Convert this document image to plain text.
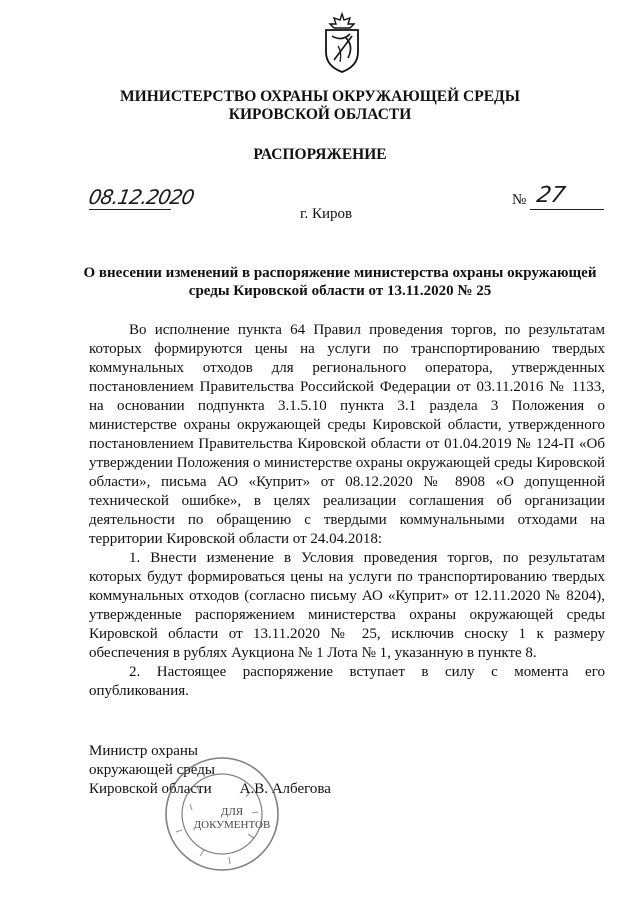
МИНИСТЕРСТВО ОХРАНЫ ОКРУЖАЮЩЕЙ СРЕДЫ
КИРОВСКОЙ ОБЛАСТИ
РАСПОРЯЖЕНИЕ
08.12.2020	№ 27
г. Киров
О внесении изменений в распоряжение министерства охраны окружающей
среды Кировской области от 13.11.2020 № 25

Во исполнение пункта 64 Правил проведения торгов, по результатам которых формируются цены на услуги по транспортированию твердых коммунальных отходов для регионального оператора, утвержденных постановлением Правительства Российской Федерации от 03.11.2016 № 1133, на основании подпункта 3.1.5.10 пункта 3.1 раздела 3 Положения о министерстве охраны окружающей среды Кировской области, утвержденного постановлением Правительства Кировской области от 01.04.2019 № 124-П «Об утверждении Положения о министерстве охраны окружающей среды Кировской области», письма АО «Куприт» от 08.12.2020 № 8908 «О допущенной технической ошибке», в целях реализации соглашения об организации деятельности по обращению с твердыми коммунальными отходами на территории Кировской области от 24.04.2018:

1. Внести изменение в Условия проведения торгов, по результатам которых будут формироваться цены на услуги по транспортированию твердых коммунальных отходов (согласно письму АО «Куприт» от 12.11.2020 № 8204), утвержденные распоряжением министерства охраны окружающей среды Кировской области от 13.11.2020 № 25, исключив сноску 1 к размеру обеспечения в рублях Аукциона № 1 Лота № 1, указанную в пункте 8.

2. Настоящее распоряжение вступает в силу с момента его опубликования.

Министр охраны
окружающей среды
Кировской области А.В. Албегова
ДЛЯ
ДОКУМЕНТОВ
